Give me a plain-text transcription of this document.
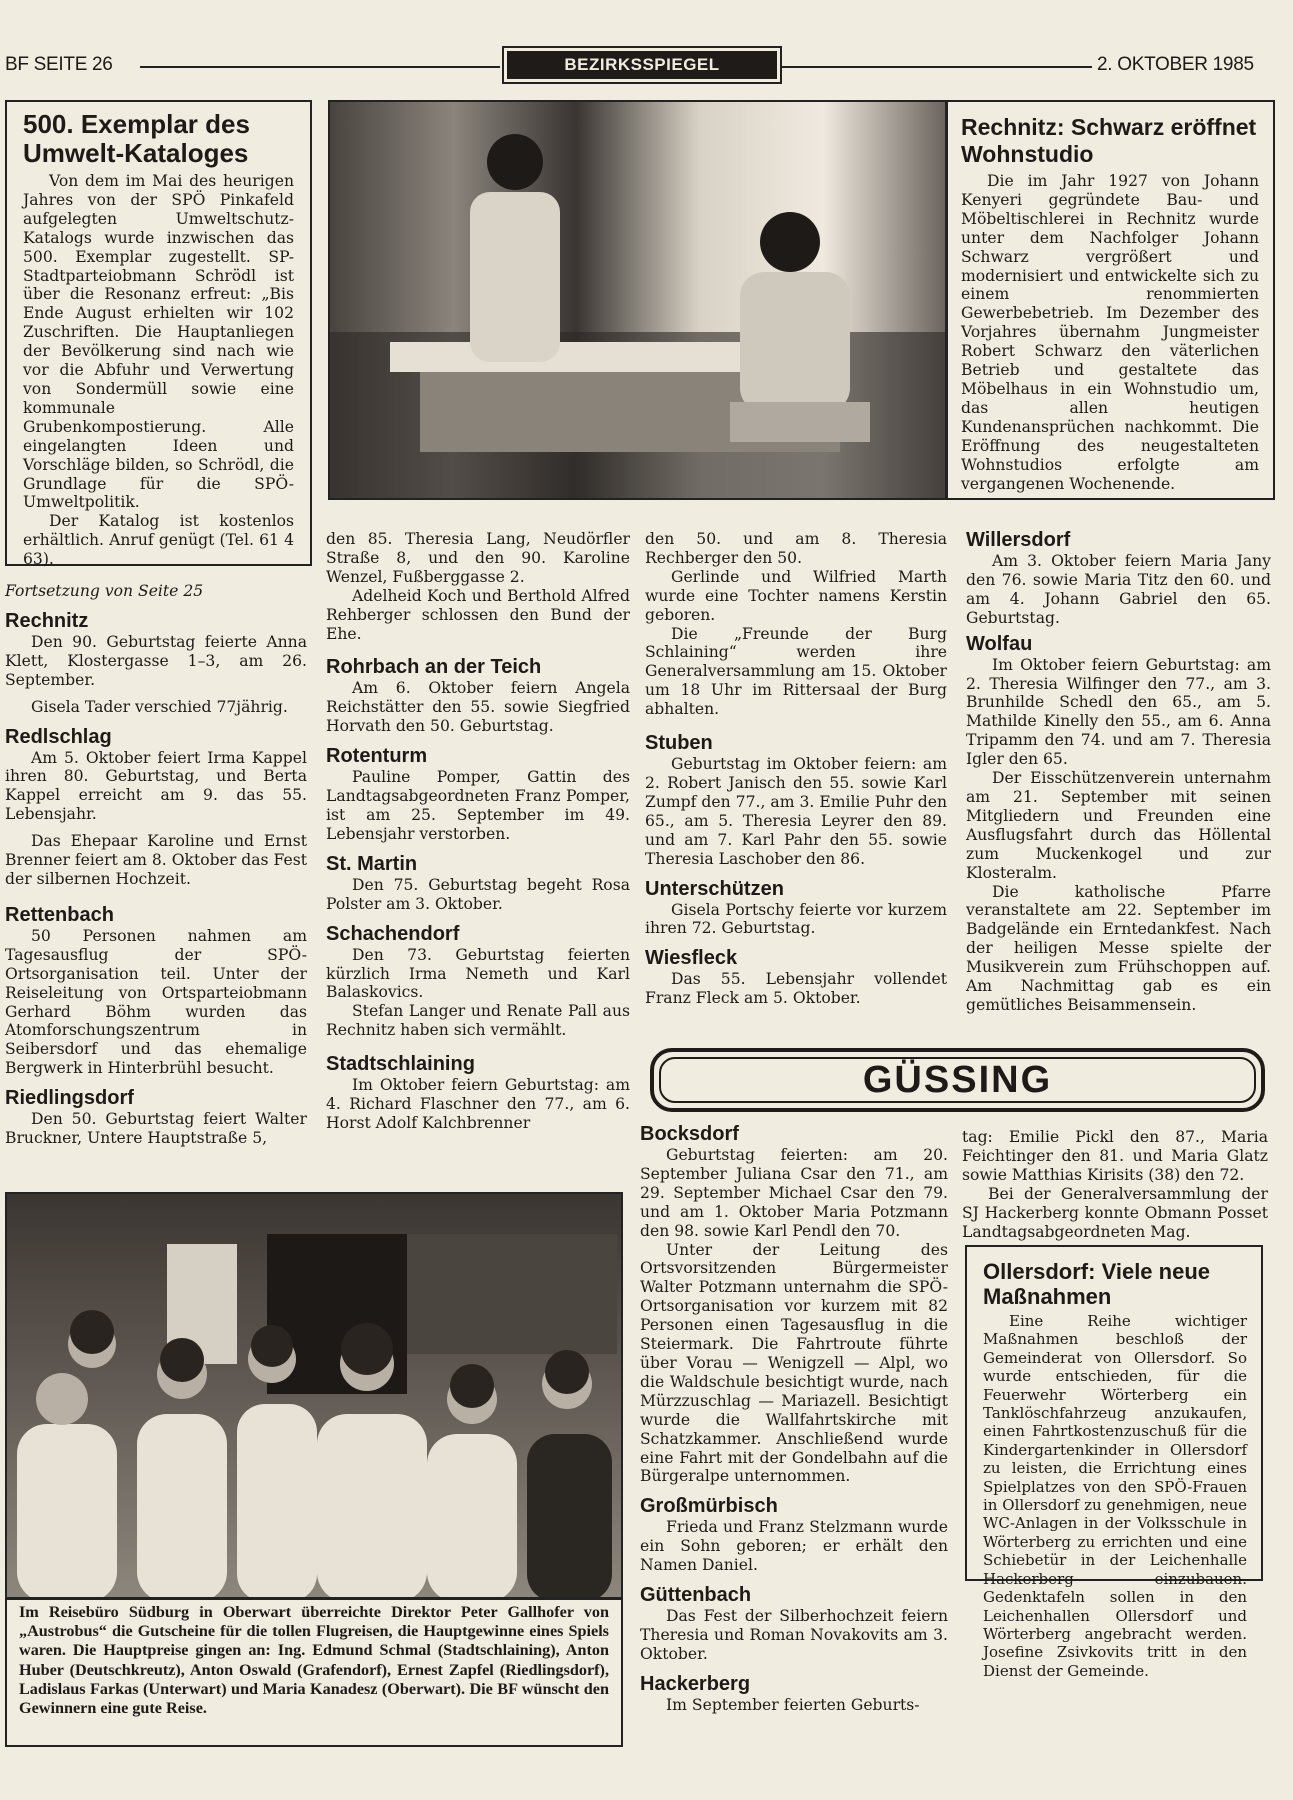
BF SEITE 26	BEZIRKSSPIEGEL	2. OKTOBER 1985
500. Exemplar des Umwelt-Kataloges

Von dem im Mai des heurigen Jahres von der SPÖ Pinkafeld aufgelegten Umweltschutz-Katalogs wurde inzwischen das 500. Exemplar zugestellt. SP-Stadtparteiobmann Schrödl ist über die Resonanz erfreut: „Bis Ende August erhielten wir 102 Zuschriften. Die Hauptanliegen der Bevölkerung sind nach wie vor die Abfuhr und Verwertung von Sondermüll sowie eine kommunale Grubenkompostierung. Alle eingelangten Ideen und Vorschläge bilden, so Schrödl, die Grundlage für die SPÖ-Umweltpolitik.

Der Katalog ist kostenlos erhältlich. Anruf genügt (Tel. 61 4 63).

Rechnitz: Schwarz eröffnet Wohnstudio

Die im Jahr 1927 von Johann Kenyeri gegründete Bau- und Möbeltischlerei in Rechnitz wurde unter dem Nachfolger Johann Schwarz vergrößert und modernisiert und entwickelte sich zu einem renommierten Gewerbebetrieb. Im Dezember des Vorjahres übernahm Jungmeister Robert Schwarz den väterlichen Betrieb und gestaltete das Möbelhaus in ein Wohnstudio um, das allen heutigen Kundenansprüchen nachkommt. Die Eröffnung des neugestalteten Wohnstudios erfolgte am vergangenen Wochenende.

Fortsetzung von Seite 25

Rechnitz

Den 90. Geburtstag feierte Anna Klett, Klostergasse 1–3, am 26. September.

Gisela Tader verschied 77jährig.

Redlschlag

Am 5. Oktober feiert Irma Kappel ihren 80. Geburtstag, und Berta Kappel erreicht am 9. das 55. Lebensjahr.

Das Ehepaar Karoline und Ernst Brenner feiert am 8. Oktober das Fest der silbernen Hochzeit.

Rettenbach

50 Personen nahmen am Tagesausflug der SPÖ-Ortsorganisation teil. Unter der Reiseleitung von Ortsparteiobmann Gerhard Böhm wurden das Atomforschungszentrum in Seibersdorf und das ehemalige Bergwerk in Hinterbrühl besucht.

Riedlingsdorf

Den 50. Geburtstag feiert Walter Bruckner, Untere Hauptstraße 5,

den 85. Theresia Lang, Neudörfler Straße 8, und den 90. Karoline Wenzel, Fußberggasse 2.

Adelheid Koch und Berthold Alfred Rehberger schlossen den Bund der Ehe.

Rohrbach an der Teich

Am 6. Oktober feiern Angela Reichstätter den 55. sowie Siegfried Horvath den 50. Geburtstag.

Rotenturm

Pauline Pomper, Gattin des Landtagsabgeordneten Franz Pomper, ist am 25. September im 49. Lebensjahr verstorben.

St. Martin

Den 75. Geburtstag begeht Rosa Polster am 3. Oktober.

Schachendorf

Den 73. Geburtstag feierten kürzlich Irma Nemeth und Karl Balaskovics.

Stefan Langer und Renate Pall aus Rechnitz haben sich vermählt.

Stadtschlaining

Im Oktober feiern Geburtstag: am 4. Richard Flaschner den 77., am 6. Horst Adolf Kalchbrenner

den 50. und am 8. Theresia Rechberger den 50.

Gerlinde und Wilfried Marth wurde eine Tochter namens Kerstin geboren.

Die „Freunde der Burg Schlaining“ werden ihre Generalversammlung am 15. Oktober um 18 Uhr im Rittersaal der Burg abhalten.

Stuben

Geburtstag im Oktober feiern: am 2. Robert Janisch den 55. sowie Karl Zumpf den 77., am 3. Emilie Puhr den 65., am 5. Theresia Leyrer den 89. und am 7. Karl Pahr den 55. sowie Theresia Laschober den 86.

Unterschützen

Gisela Portschy feierte vor kurzem ihren 72. Geburtstag.

Wiesfleck

Das 55. Lebensjahr vollendet Franz Fleck am 5. Oktober.

Willersdorf

Am 3. Oktober feiern Maria Jany den 76. sowie Maria Titz den 60. und am 4. Johann Gabriel den 65. Geburtstag.

Wolfau

Im Oktober feiern Geburtstag: am 2. Theresia Wilfinger den 77., am 3. Brunhilde Schedl den 65., am 5. Mathilde Kinelly den 55., am 6. Anna Tripamm den 74. und am 7. Theresia Igler den 65.

Der Eisschützenverein unternahm am 21. September mit seinen Mitgliedern und Freunden eine Ausflugsfahrt durch das Höllental zum Muckenkogel und zur Klosteralm.

Die katholische Pfarre veranstaltete am 22. September im Badgelände ein Erntedankfest. Nach der heiligen Messe spielte der Musikverein zum Frühschoppen auf. Am Nachmittag gab es ein gemütliches Beisammensein.

GÜSSING
Bocksdorf

Geburtstag feierten: am 20. September Juliana Csar den 71., am 29. September Michael Csar den 79. und am 1. Oktober Maria Potzmann den 98. sowie Karl Pendl den 70.

Unter der Leitung des Ortsvorsitzenden Bürgermeister Walter Potzmann unternahm die SPÖ-Ortsorganisation vor kurzem mit 82 Personen einen Tagesausflug in die Steiermark. Die Fahrtroute führte über Vorau — Wenigzell — Alpl, wo die Waldschule besichtigt wurde, nach Mürzzuschlag — Mariazell. Besichtigt wurde die Wallfahrtskirche mit Schatzkammer. Anschließend wurde eine Fahrt mit der Gondelbahn auf die Bürgeralpe unternommen.

Großmürbisch

Frieda und Franz Stelzmann wurde ein Sohn geboren; er erhält den Namen Daniel.

Güttenbach

Das Fest der Silberhochzeit feiern Theresia und Roman Novakovits am 3. Oktober.

Hackerberg

Im September feierten Geburts-

tag: Emilie Pickl den 87., Maria Feichtinger den 81. und Maria Glatz sowie Matthias Kirisits (38) den 72.

Bei der Generalversammlung der SJ Hackerberg konnte Obmann Posset Landtagsabgeordneten Mag.

Ollersdorf: Viele neue Maßnahmen

Eine Reihe wichtiger Maßnahmen beschloß der Gemeinderat von Ollersdorf. So wurde entschieden, für die Feuerwehr Wörterberg ein Tanklöschfahrzeug anzukaufen, einen Fahrtkostenzuschuß für die Kindergartenkinder in Ollersdorf zu leisten, die Errichtung eines Spielplatzes von den SPÖ-Frauen in Ollersdorf zu genehmigen, neue WC-Anlagen in der Volksschule in Wörterberg zu errichten und eine Schiebetür in der Leichenhalle Hackerberg einzubauen. Gedenktafeln sollen in den Leichenhallen Ollersdorf und Wörterberg angebracht werden. Josefine Zsivkovits tritt in den Dienst der Gemeinde.

Im Reisebüro Südburg in Oberwart überreichte Direktor Peter Gallhofer von „Austrobus“ die Gutscheine für die tollen Flugreisen, die Hauptgewinne eines Spiels waren. Die Hauptpreise gingen an: Ing. Edmund Schmal (Stadtschlaining), Anton Huber (Deutschkreutz), Anton Oswald (Grafendorf), Ernest Zapfel (Riedlingsdorf), Ladislaus Farkas (Unterwart) und Maria Kanadesz (Oberwart). Die BF wünscht den Gewinnern eine gute Reise.
